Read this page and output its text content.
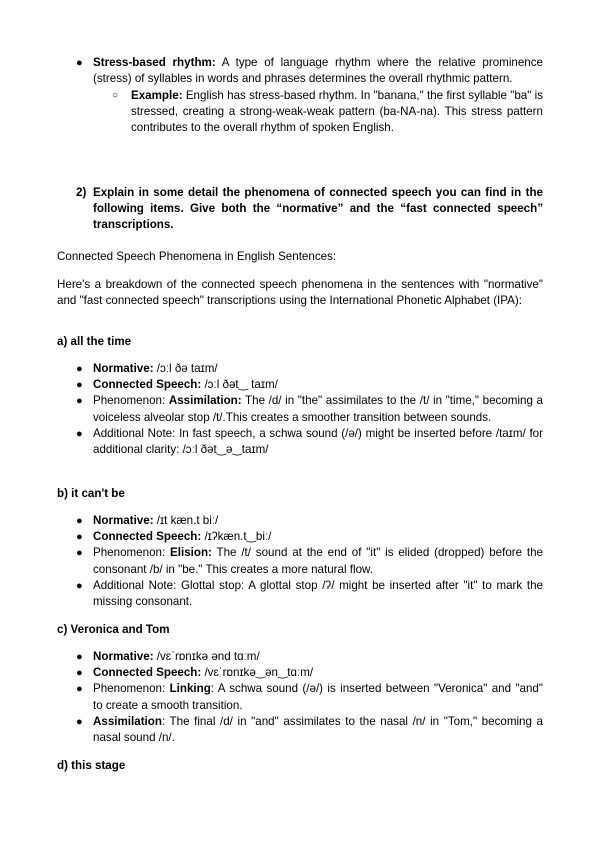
● Stress-based rhythm: A type of language rhythm where the relative prominence (stress) of syllables in words and phrases determines the overall rhythmic pattern.

○ Example: English has stress-based rhythm. In "banana," the first syllable "ba" is stressed, creating a strong-weak-weak pattern (ba-NA-na). This stress pattern contributes to the overall rhythm of spoken English.

2) Explain in some detail the phenomena of connected speech you can find in the following items. Give both the “normative” and the “fast connected speech” transcriptions.

Connected Speech Phenomena in English Sentences:

Here's a breakdown of the connected speech phenomena in the sentences with "normative" and "fast connected speech" transcriptions using the International Phonetic Alphabet (IPA):

a) all the time

● Normative: /ɔːl ðə taɪm/
● Connected Speech: /ɔːl ðət‿ taɪm/
● Phenomenon: Assimilation: The /d/ in "the" assimilates to the /t/ in "time," becoming a voiceless alveolar stop /t/.This creates a smoother transition between sounds.
● Additional Note: In fast speech, a schwa sound (/ə/) might be inserted before /taɪm/ for additional clarity: /ɔːl ðət‿ə‿taɪm/

b) it can't be

● Normative: /ɪt kæn.t biː/
● Connected Speech: /ɪʔkæn.t‿biː/
● Phenomenon: Elision: The /t/ sound at the end of "it" is elided (dropped) before the consonant /b/ in "be." This creates a more natural flow.
● Additional Note: Glottal stop: A glottal stop /ʔ/ might be inserted after "it" to mark the missing consonant.

c) Veronica and Tom

● Normative: /vɛˈrɒnɪkə ənd tɑːm/
● Connected Speech: /vɛˈrɒnɪkə‿ən‿tɑːm/
● Phenomenon: Linking: A schwa sound (/ə/) is inserted between "Veronica" and "and" to create a smooth transition.
● Assimilation: The final /d/ in "and" assimilates to the nasal /n/ in "Tom," becoming a nasal sound /n/.

d) this stage
